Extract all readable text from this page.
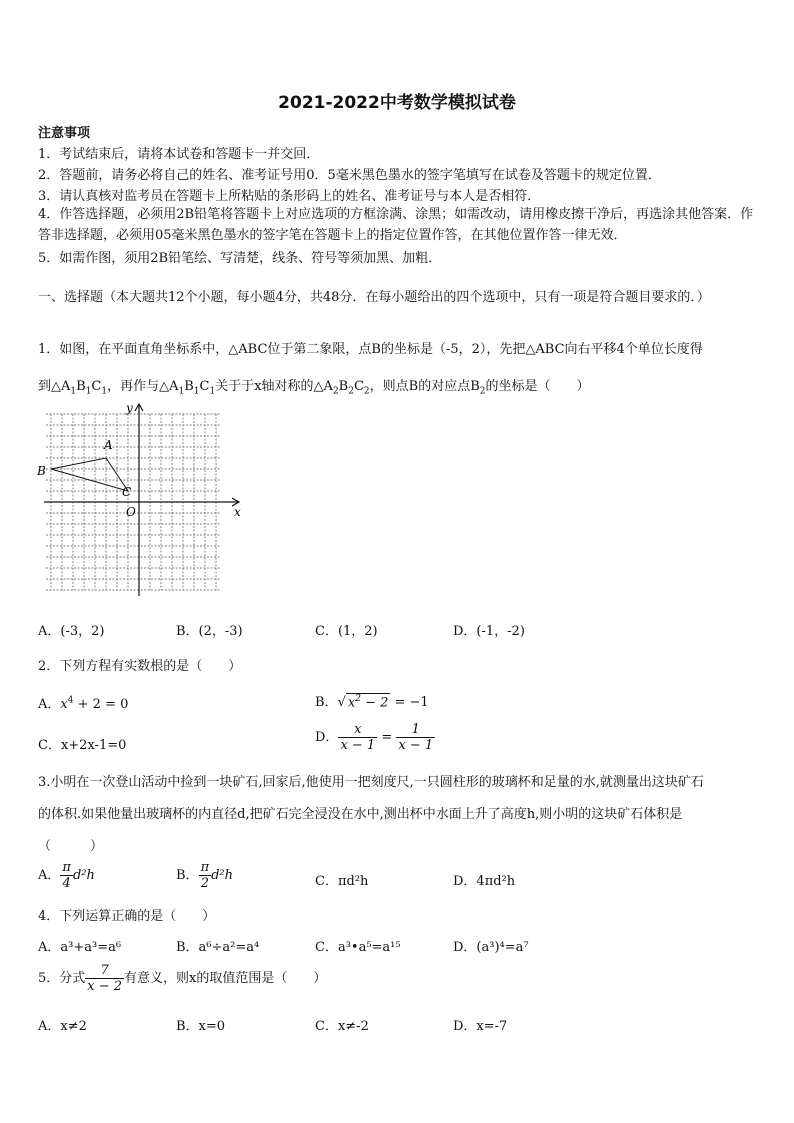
2021-2022中考数学模拟试卷
注意事项
1．考试结束后，请将本试卷和答题卡一并交回．
2．答题前，请务必将自己的姓名、准考证号用0．5毫米黑色墨水的签字笔填写在试卷及答题卡的规定位置．
3．请认真核对监考员在答题卡上所粘贴的条形码上的姓名、准考证号与本人是否相符．
4．作答选择题，必须用2B铅笔将答题卡上对应选项的方框涂满、涂黑；如需改动，请用橡皮擦干净后，再选涂其他答案．作答非选择题，必须用05毫米黑色墨水的签字笔在答题卡上的指定位置作答，在其他位置作答一律无效．
5．如需作图，须用2B铅笔绘、写清楚，线条、符号等须加黑、加粗．
一、选择题（本大题共12个小题，每小题4分，共48分．在每小题给出的四个选项中，只有一项是符合题目要求的．）
1．如图，在平面直角坐标系中，△ABC位于第二象限，点B的坐标是（-5，2），先把△ABC向右平移4个单位长度得
到$\triangle A_1B_1C_1$，再作与$\triangle A_1B_1C_1$关于于x轴对称的$\triangle A_2B_2C_2$，则点B的对应点$B_2$的坐标是（　　）
y
x
O
A
B
C
A．(-3，2)	B．(2，-3)	C．(1，2)	D．(-1，-2)
2．下列方程有实数根的是（　　）
A．$x^4 + 2 = 0$	B．√ $x^2 - 2 = -1$
C．x+2x-1=0
D． $\frac{x}{x - 1} = \frac{1}{x - 1}$
3.小明在一次登山活动中捡到一块矿石,回家后,他使用一把刻度尺,一只圆柱形的玻璃杯和足量的水,就测量出这块矿石
的体积.如果他量出玻璃杯的内直径d,把矿石完全浸没在水中,测出杯中水面上升了高度h,则小明的这块矿石体积是
（　　　）
A． $\frac{\pi}{4} d^2h$	B． $\frac{\pi}{2} d^2h$	C．πd²h	D．4πd²h
4．下列运算正确的是（　　）
A．a³+a³=a⁶	B．a⁶÷a²=a⁴	C．a³•a⁵=a¹⁵	D．(a³)⁴=a⁷
5．分式 $\frac{7}{x - 2}$ 有意义，则x的取值范围是（　　）
A．x≠2	B．x=0	C．x≠-2	D．x=-7
